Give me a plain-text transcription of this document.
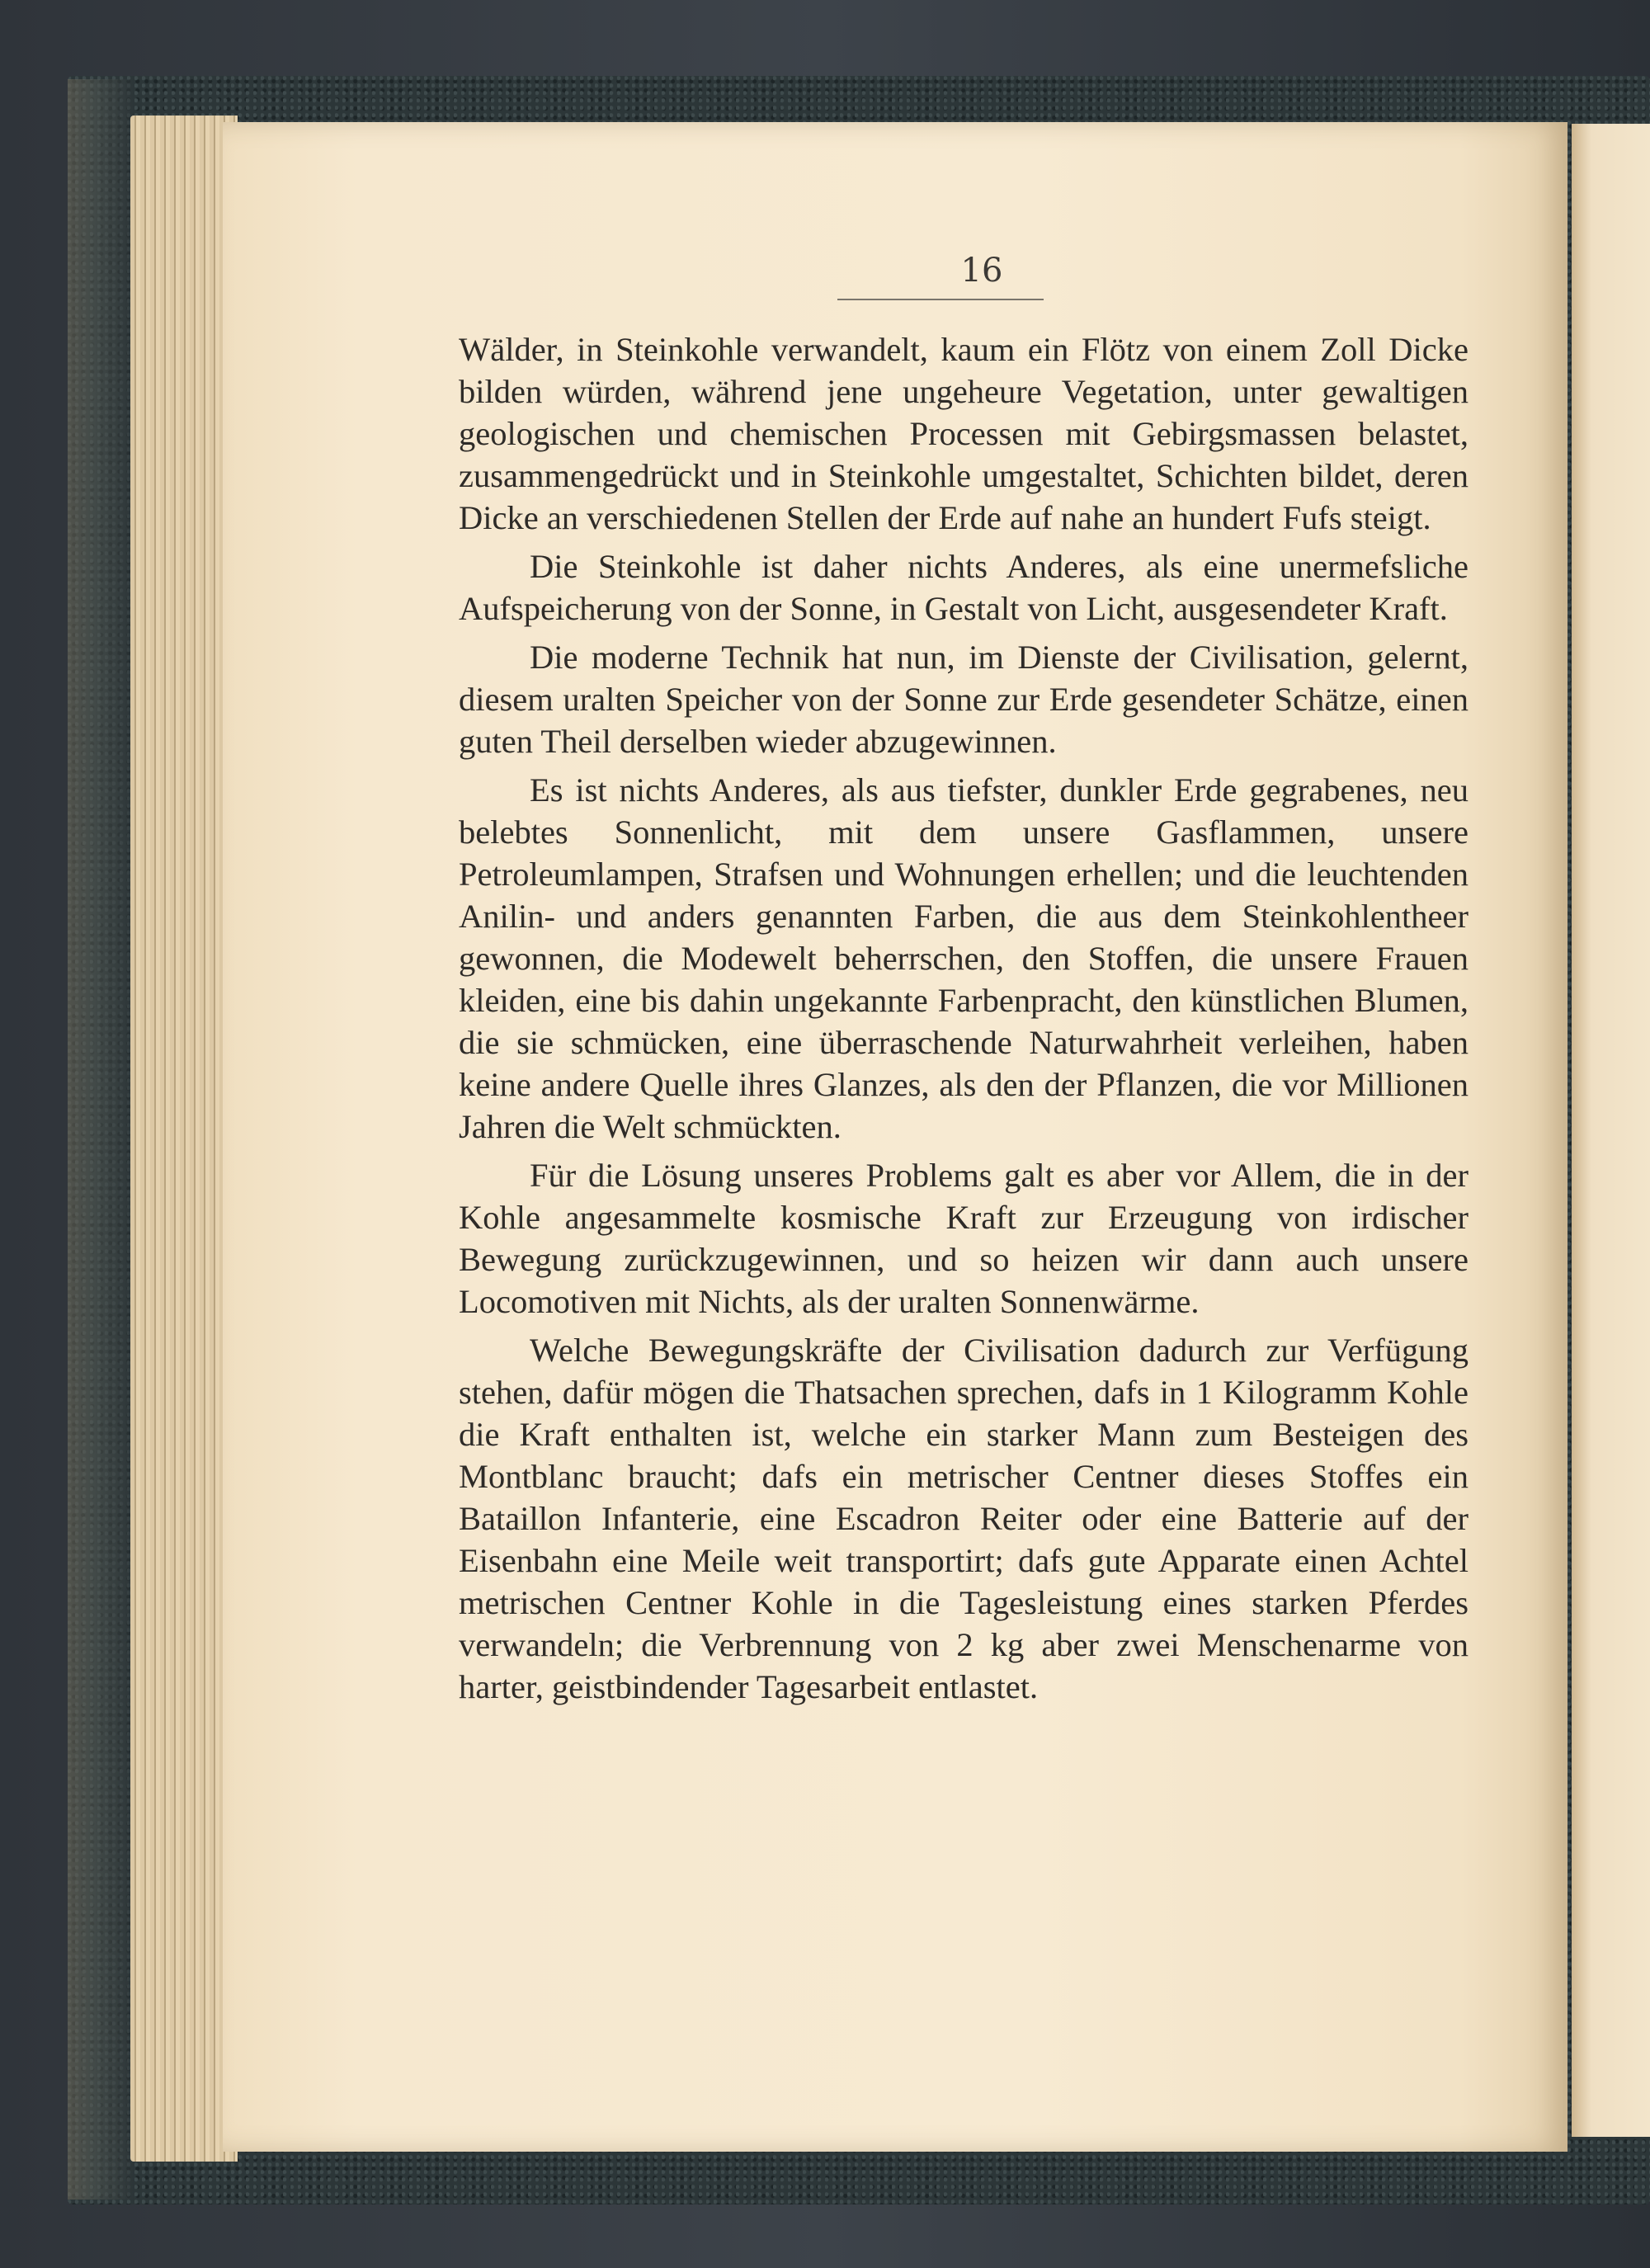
16

Wälder, in Steinkohle verwandelt, kaum ein Flötz von einem Zoll Dicke bilden würden, während jene ungeheure Vegetation, unter gewaltigen geologischen und chemischen Processen mit Gebirgsmassen belastet, zusammengedrückt und in Steinkohle umgestaltet, Schichten bildet, deren Dicke an verschiedenen Stellen der Erde auf nahe an hundert Fufs steigt.

Die Steinkohle ist daher nichts Anderes, als eine unermefsliche Aufspeicherung von der Sonne, in Gestalt von Licht, ausgesendeter Kraft.

Die moderne Technik hat nun, im Dienste der Civilisation, gelernt, diesem uralten Speicher von der Sonne zur Erde gesendeter Schätze, einen guten Theil derselben wieder abzugewinnen.

Es ist nichts Anderes, als aus tiefster, dunkler Erde gegrabenes, neu belebtes Sonnenlicht, mit dem unsere Gasflammen, unsere Petroleumlampen, Strafsen und Wohnungen erhellen; und die leuchtenden Anilin- und anders genannten Farben, die aus dem Steinkohlentheer gewonnen, die Modewelt beherrschen, den Stoffen, die unsere Frauen kleiden, eine bis dahin ungekannte Farbenpracht, den künstlichen Blumen, die sie schmücken, eine überraschende Naturwahrheit verleihen, haben keine andere Quelle ihres Glanzes, als den der Pflanzen, die vor Millionen Jahren die Welt schmückten.

Für die Lösung unseres Problems galt es aber vor Allem, die in der Kohle angesammelte kosmische Kraft zur Erzeugung von irdischer Bewegung zurückzugewinnen, und so heizen wir dann auch unsere Locomotiven mit Nichts, als der uralten Sonnenwärme.

Welche Bewegungskräfte der Civilisation dadurch zur Verfügung stehen, dafür mögen die Thatsachen sprechen, dafs in 1 Kilogramm Kohle die Kraft enthalten ist, welche ein starker Mann zum Besteigen des Montblanc braucht; dafs ein metrischer Centner dieses Stoffes ein Bataillon Infanterie, eine Escadron Reiter oder eine Batterie auf der Eisenbahn eine Meile weit transportirt; dafs gute Apparate einen Achtel metrischen Centner Kohle in die Tagesleistung eines starken Pferdes verwandeln; die Verbrennung von 2 kg aber zwei Menschenarme von harter, geistbindender Tagesarbeit entlastet.
